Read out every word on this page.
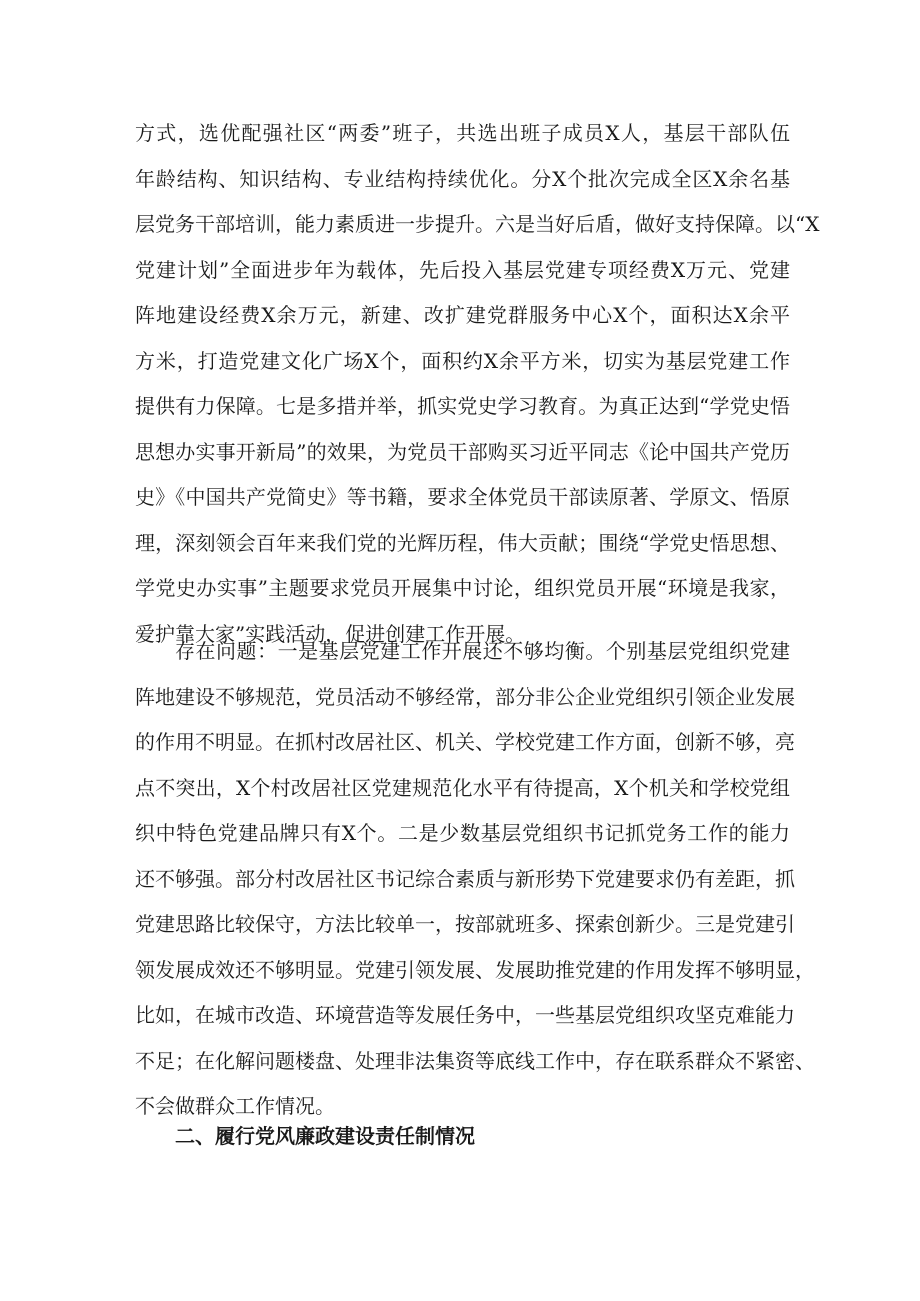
方式，选优配强社区“两委”班子，共选出班子成员X人，基层干部队伍
年龄结构、知识结构、专业结构持续优化。分X个批次完成全区X余名基
层党务干部培训，能力素质进一步提升。六是当好后盾，做好支持保障。以“X
党建计划”全面进步年为载体，先后投入基层党建专项经费X万元、党建
阵地建设经费X余万元，新建、改扩建党群服务中心X个，面积达X余平
方米，打造党建文化广场X个，面积约X余平方米，切实为基层党建工作
提供有力保障。七是多措并举，抓实党史学习教育。为真正达到“学党史悟
思想办实事开新局”的效果，为党员干部购买习近平同志《论中国共产党历
史》《中国共产党简史》等书籍，要求全体党员干部读原著、学原文、悟原
理，深刻领会百年来我们党的光辉历程，伟大贡献；围绕“学党史悟思想、
学党史办实事”主题要求党员开展集中讨论，组织党员开展“环境是我家，
爱护靠大家”实践活动，促进创建工作开展。
存在问题：一是基层党建工作开展还不够均衡。个别基层党组织党建
阵地建设不够规范，党员活动不够经常，部分非公企业党组织引领企业发展
的作用不明显。在抓村改居社区、机关、学校党建工作方面，创新不够，亮
点不突出，X个村改居社区党建规范化水平有待提高，X个机关和学校党组
织中特色党建品牌只有X个。二是少数基层党组织书记抓党务工作的能力
还不够强。部分村改居社区书记综合素质与新形势下党建要求仍有差距，抓
党建思路比较保守，方法比较单一，按部就班多、探索创新少。三是党建引
领发展成效还不够明显。党建引领发展、发展助推党建的作用发挥不够明显，
比如，在城市改造、环境营造等发展任务中，一些基层党组织攻坚克难能力
不足；在化解问题楼盘、处理非法集资等底线工作中，存在联系群众不紧密、
不会做群众工作情况。
二、履行党风廉政建设责任制情况
